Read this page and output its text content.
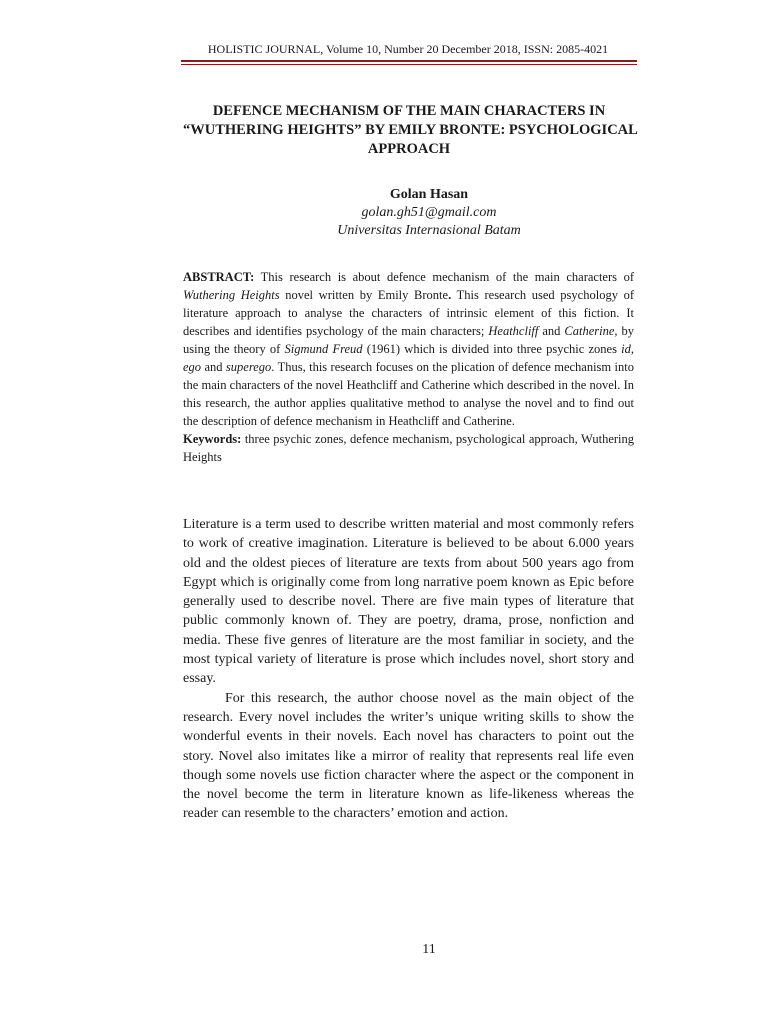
HOLISTIC JOURNAL, Volume 10, Number 20 December 2018, ISSN: 2085-4021
DEFENCE MECHANISM OF THE MAIN CHARACTERS IN
“WUTHERING HEIGHTS” BY EMILY BRONTE: PSYCHOLOGICAL
APPROACH
Golan Hasan
golan.gh51@gmail.com
Universitas Internasional Batam

ABSTRACT: This research is about defence mechanism of the main characters of Wuthering Heights novel written by Emily Bronte. This research used psychology of literature approach to analyse the characters of intrinsic element of this fiction. It describes and identifies psychology of the main characters; Heathcliff and Catherine, by using the theory of Sigmund Freud (1961) which is divided into three psychic zones id, ego and superego. Thus, this research focuses on the plication of defence mechanism into the main characters of the novel Heathcliff and Catherine which described in the novel. In this research, the author applies qualitative method to analyse the novel and to find out the description of defence mechanism in Heathcliff and Catherine.

Keywords: three psychic zones, defence mechanism, psychological approach, Wuthering Heights

Literature is a term used to describe written material and most commonly refers to work of creative imagination. Literature is believed to be about 6.000 years old and the oldest pieces of literature are texts from about 500 years ago from Egypt which is originally come from long narrative poem known as Epic before generally used to describe novel. There are five main types of literature that public commonly known of. They are poetry, drama, prose, nonfiction and media. These five genres of literature are the most familiar in society, and the most typical variety of literature is prose which includes novel, short story and essay.

For this research, the author choose novel as the main object of the research. Every novel includes the writer’s unique writing skills to show the wonderful events in their novels. Each novel has characters to point out the story. Novel also imitates like a mirror of reality that represents real life even though some novels use fiction character where the aspect or the component in the novel become the term in literature known as life-likeness whereas the reader can resemble to the characters’ emotion and action.

11
